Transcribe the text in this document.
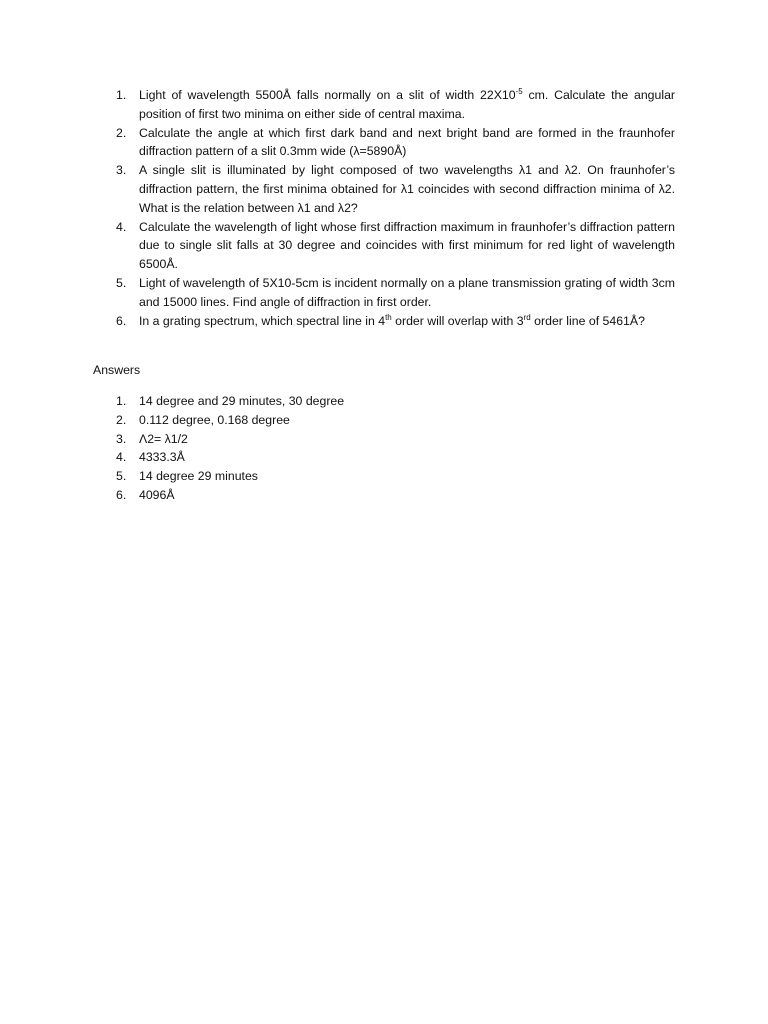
1. Light of wavelength 5500Å falls normally on a slit of width $22X10^{-5}$ cm. Calculate the angular position of first two minima on either side of central maxima.
2. Calculate the angle at which first dark band and next bright band are formed in the fraunhofer diffraction pattern of a slit 0.3mm wide (λ=5890Å)
3. A single slit is illuminated by light composed of two wavelengths λ1 and λ2. On fraunhofer’s diffraction pattern, the first minima obtained for λ1 coincides with second diffraction minima of λ2. What is the relation between λ1 and λ2?
4. Calculate the wavelength of light whose first diffraction maximum in fraunhofer’s diffraction pattern due to single slit falls at 30 degree and coincides with first minimum for red light of wavelength 6500Å.
5. Light of wavelength of 5X10-5cm is incident normally on a plane transmission grating of width 3cm and 15000 lines. Find angle of diffraction in first order.
6. In a grating spectrum, which spectral line in 4th order will overlap with 3rd order line of 5461Å?

Answers

1. 14 degree and 29 minutes, 30 degree
2. 0.112 degree, 0.168 degree
3. Λ2= λ1/2
4. 4333.3Å
5. 14 degree 29 minutes
6. 4096Å
